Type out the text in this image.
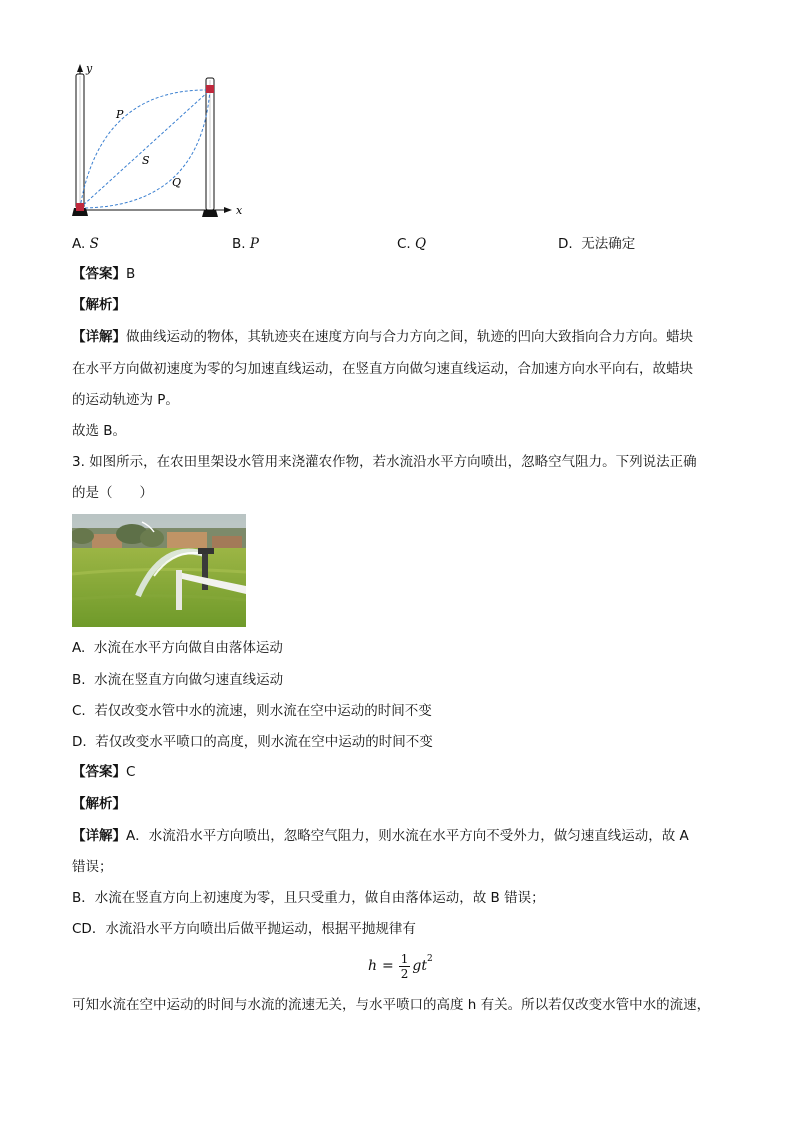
y
x
P
S
Q
A. S	B. P	C. Q	D. 无法确定
【答案】B
【解析】
【详解】做曲线运动的物体，其轨迹夹在速度方向与合力方向之间，轨迹的凹向大致指向合力方向。蜡块
在水平方向做初速度为零的匀加速直线运动，在竖直方向做匀速直线运动，合加速方向水平向右，故蜡块
的运动轨迹为 P。
故选 B。
3. 如图所示，在农田里架设水管用来浇灌农作物，若水流沿水平方向喷出，忽略空气阻力。下列说法正确
的是（　　）
A. 水流在水平方向做自由落体运动
B. 水流在竖直方向做匀速直线运动
C. 若仅改变水管中水的流速，则水流在空中运动的时间不变
D. 若仅改变水平喷口的高度，则水流在空中运动的时间不变
【答案】C
【解析】
【详解】A．水流沿水平方向喷出，忽略空气阻力，则水流在水平方向不受外力，做匀速直线运动，故 A
错误；
B．水流在竖直方向上初速度为零，且只受重力，做自由落体运动，故 B 错误；
CD．水流沿水平方向喷出后做平抛运动，根据平抛规律有
$h = \frac{1}{2}$ gt 2
可知水流在空中运动的时间与水流的流速无关，与水平喷口的高度 h 有关。所以若仅改变水管中水的流速，
